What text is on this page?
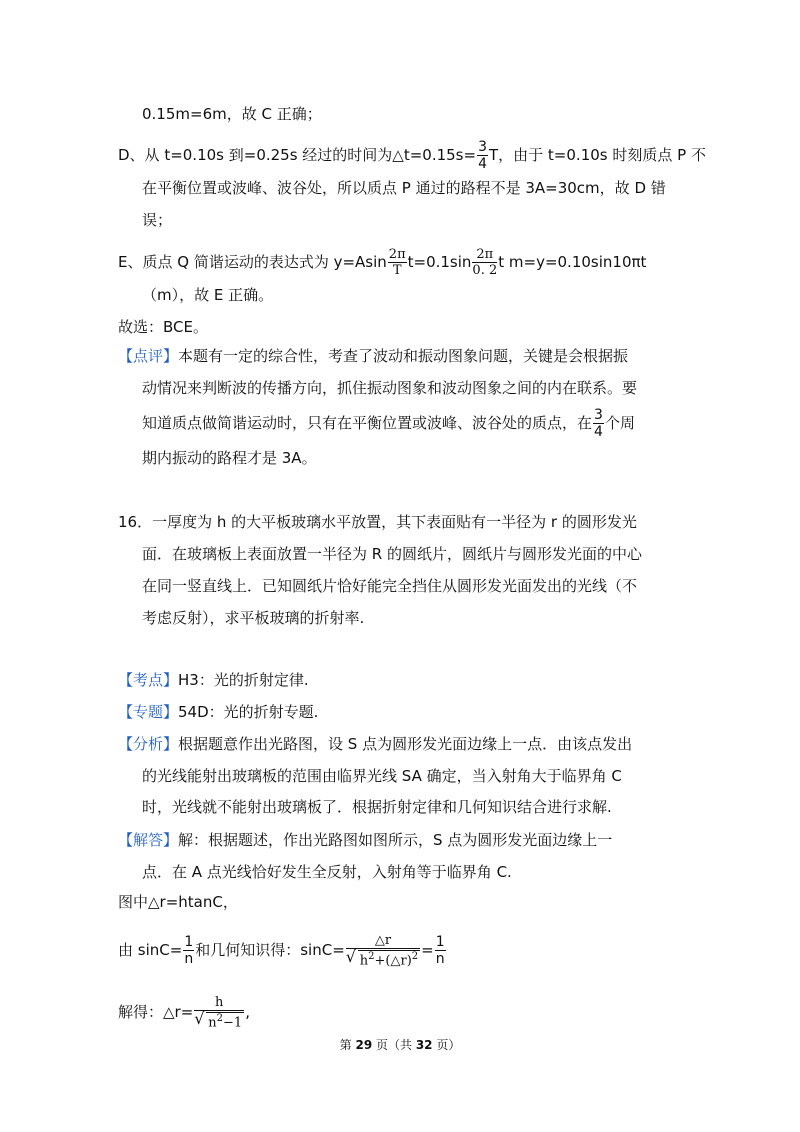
0.15m=6m，故 C 正确；
D、从 t=0.10s 到=0.25s 经过的时间为△t=0.15s= $\frac{3}{4}$ T，由于 t=0.10s 时刻质点 P 不
在平衡位置或波峰、波谷处，所以质点 P 通过的路程不是 3A=30cm，故 D 错
误；
E、质点 Q 简谐运动的表达式为 $y=Asin \frac{2\pi}{T} t=0.1\sin \frac{2\pi}{0. 2}$ t m=y=0.10sin10πt
（m），故 E 正确。
故选：BCE。
【点评】本题有一定的综合性，考查了波动和振动图象问题，关键是会根据振
动情况来判断波的传播方向，抓住振动图象和波动图象之间的内在联系。要
知道质点做简谐运动时，只有在平衡位置或波峰、波谷处的质点，在 $\frac{3}{4}$ 个周
期内振动的路程才是 3A。
16．一厚度为 h 的大平板玻璃水平放置，其下表面贴有一半径为 r 的圆形发光
面．在玻璃板上表面放置一半径为 R 的圆纸片，圆纸片与圆形发光面的中心
在同一竖直线上．已知圆纸片恰好能完全挡住从圆形发光面发出的光线（不
考虑反射），求平板玻璃的折射率.
【考点】H3：光的折射定律.
【专题】54D：光的折射专题.
【分析】根据题意作出光路图，设 S 点为圆形发光面边缘上一点．由该点发出
的光线能射出玻璃板的范围由临界光线 SA 确定，当入射角大于临界角 C
时，光线就不能射出玻璃板了．根据折射定律和几何知识结合进行求解.
【解答】解：根据题述，作出光路图如图所示，S 点为圆形发光面边缘上一
点．在 A 点光线恰好发生全反射，入射角等于临界角 C.
图中△r=htanC，
由 $\sin C= \frac{1}{n}$ 和几何知识得：sinC= △r
√ $h^2+(\triangle r)^2 = \frac{1}{n}$
解得：△r= h
√ $n^2-1$ ,
第 29 页（共 32 页）
